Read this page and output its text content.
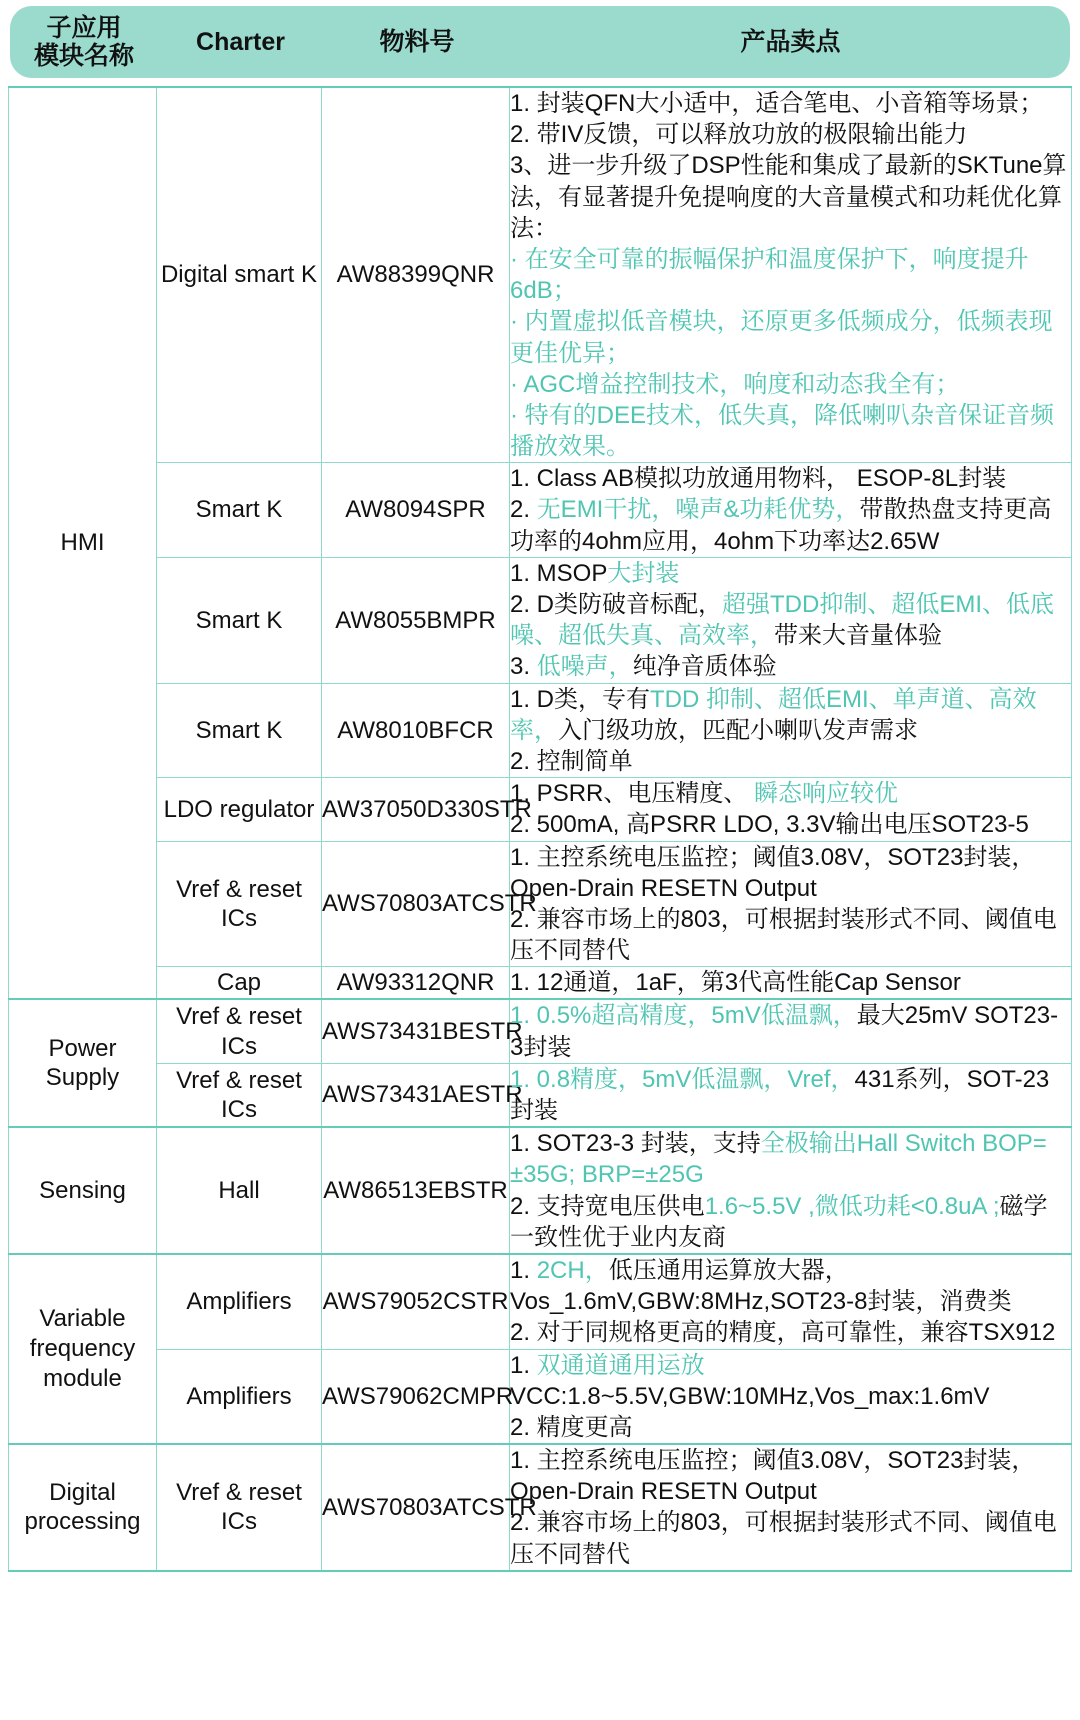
子应用
模块名称
Charter	物料号	产品卖点
HMI	Digital smart K	AW88399QNR	
1. 封装QFN大小适中，适合笔电、小音箱等场景；
2. 带IV反馈，可以释放功放的极限输出能力
3、进一步升级了DSP性能和集成了最新的SKTune算法，有显著提升免提响度的大音量模式和功耗优化算法：
· 在安全可靠的振幅保护和温度保护下，响度提升6dB；
· 内置虚拟低音模块，还原更多低频成分，低频表现更佳优异；
· AGC增益控制技术，响度和动态我全有；
· 特有的DEE技术，低失真，降低喇叭杂音保证音频播放效果。

	Smart K	AW8094SPR	1. Class AB模拟功放通用物料， ESOP-8L封装
2. 无EMI干扰，噪声&功耗优势，带散热盘支持更高功率的4ohm应用，4ohm下功率达2.65W

	Smart K	AW8055BMPR	1. MSOP大封装
2. D类防破音标配，超强TDD抑制、超低EMI、低底噪、超低失真、高效率，带来大音量体验
3. 低噪声，纯净音质体验

	Smart K	AW8010BFCR	1. D类，专有TDD 抑制、超低EMI、单声道、高效率，入门级功放，匹配小喇叭发声需求
2. 控制简单

	LDO regulator	AW37050D330STR	1. PSRR、电压精度、 瞬态响应较优
2. 500mA, 高PSRR LDO, 3.3V输出电压SOT23-5

	Vref & reset ICs	AWS70803ATCSTR	1. 主控系统电压监控；阈值3.08V，SOT23封装，Open-Drain RESETN Output
2. 兼容市场上的803，可根据封装形式不同、阈值电压不同替代

	Cap	AW93312QNR	1. 12通道，1aF，第3代高性能Cap Sensor

Power Supply	Vref & reset ICs	AWS73431BESTR	1. 0.5%超高精度，5mV低温飘，最大25mV SOT23-3封装

	Vref & reset ICs	AWS73431AESTR	1. 0.8精度，5mV低温飘，Vref，431系列，SOT-23封装

Sensing	Hall	AW86513EBSTR	1. SOT23-3 封装，支持全极输出Hall Switch BOP= ±35G; BRP=±25G
2. 支持宽电压供电1.6~5.5V ,微低功耗<0.8uA ;磁学一致性优于业内友商

Variable frequency module	Amplifiers	AWS79052CSTR	1. 2CH，低压通用运算放大器，Vos_1.6mV,GBW:8MHz,SOT23-8封装，消费类
2. 对于同规格更高的精度，高可靠性，兼容TSX912

	Amplifiers	AWS79062CMPR	1. 双通道通用运放
VCC:1.8~5.5V,GBW:10MHz,Vos_max:1.6mV
2. 精度更高

Digital processing	Vref & reset ICs	AWS70803ATCSTR	1. 主控系统电压监控；阈值3.08V，SOT23封装，Open-Drain RESETN Output
2. 兼容市场上的803，可根据封装形式不同、阈值电压不同替代
